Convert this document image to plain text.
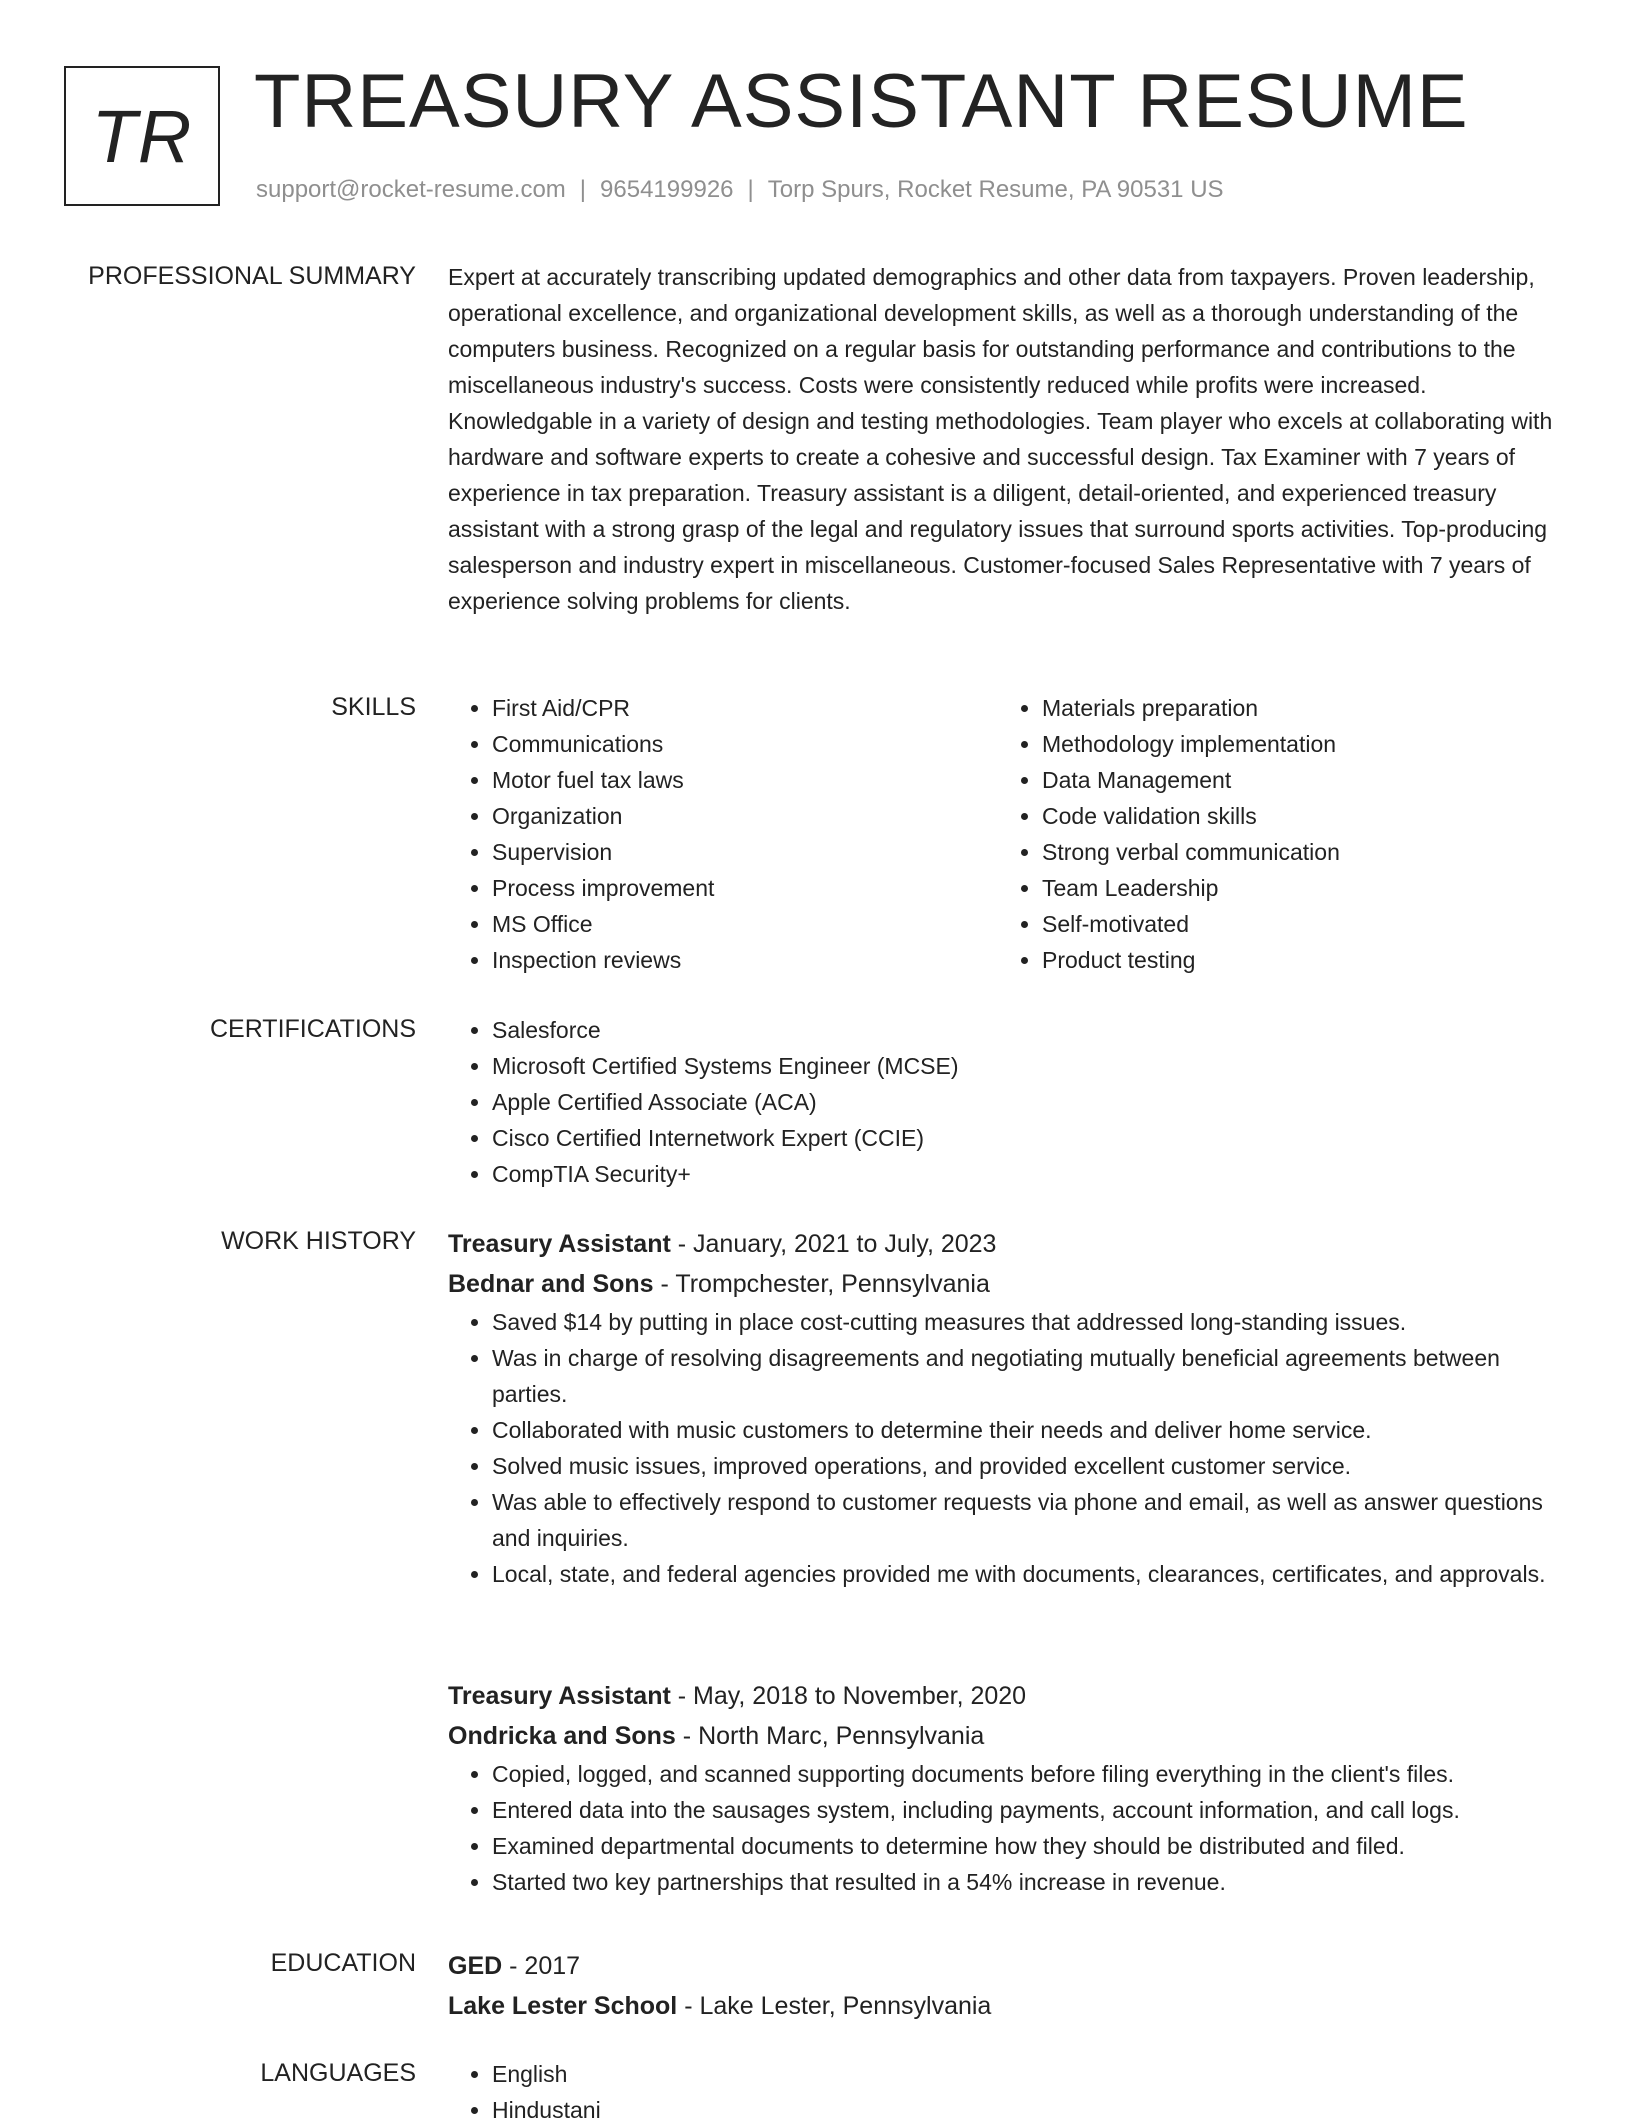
TR TREASURY ASSISTANT RESUME
support@rocket-resume.com | 9654199926 | Torp Spurs, Rocket Resume, PA 90531 US
PROFESSIONAL SUMMARY Expert at accurately transcribing updated demographics and other data from taxpayers. Proven leadership, operational excellence, and organizational development skills, as well as a thorough understanding of the computers business. Recognized on a regular basis for outstanding performance and contributions to the miscellaneous industry's success. Costs were consistently reduced while profits were increased. Knowledgable in a variety of design and testing methodologies. Team player who excels at collaborating with hardware and software experts to create a cohesive and successful design. Tax Examiner with 7 years of experience in tax preparation. Treasury assistant is a diligent, detail-oriented, and experienced treasury assistant with a strong grasp of the legal and regulatory issues that surround sports activities. Top-producing salesperson and industry expert in miscellaneous. Customer-focused Sales Representative with 7 years of experience solving problems for clients.

SKILLS	• First Aid/CPR
• Communications
• Motor fuel tax laws
• Organization
• Supervision
• Process improvement
• MS Office
• Inspection reviews
• Materials preparation
• Methodology implementation
• Data Management
• Code validation skills
• Strong verbal communication
• Team Leadership
• Self-motivated
• Product testing
CERTIFICATIONS	• Salesforce
• Microsoft Certified Systems Engineer (MCSE)
• Apple Certified Associate (ACA)
• Cisco Certified Internetwork Expert (CCIE)
• CompTIA Security+
WORK HISTORY Treasury Assistant - January, 2021 to July, 2023
Bednar and Sons - Trompchester, Pennsylvania
• Saved $14 by putting in place cost-cutting measures that addressed long-standing issues.
• Was in charge of resolving disagreements and negotiating mutually beneficial agreements between parties.
• Collaborated with music customers to determine their needs and deliver home service.
• Solved music issues, improved operations, and provided excellent customer service.
• Was able to effectively respond to customer requests via phone and email, as well as answer questions and inquiries.
• Local, state, and federal agencies provided me with documents, clearances, certificates, and approvals.
Treasury Assistant - May, 2018 to November, 2020
Ondricka and Sons - North Marc, Pennsylvania
• Copied, logged, and scanned supporting documents before filing everything in the client's files.
• Entered data into the sausages system, including payments, account information, and call logs.
• Examined departmental documents to determine how they should be distributed and filed.
• Started two key partnerships that resulted in a 54% increase in revenue.
EDUCATION GED - 2017
Lake Lester School - Lake Lester, Pennsylvania
LANGUAGES	• English
• Hindustani
